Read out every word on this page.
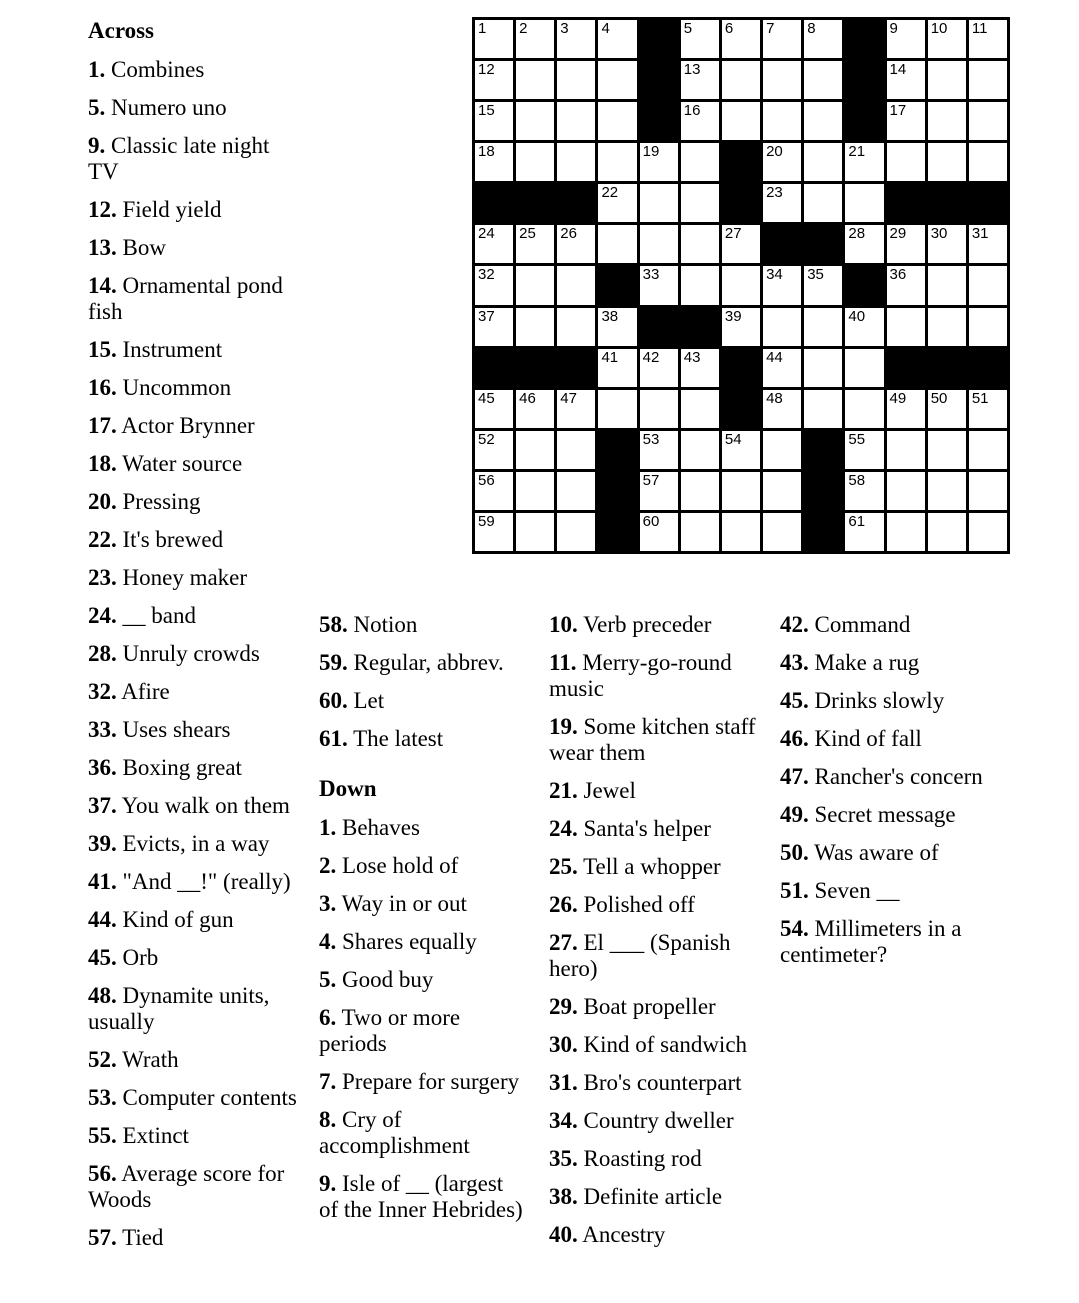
1 2 3 4	5 6 7 8	9 10 11
12	13	14
15	16	17
18	19	20	21
22	23
24 25 26	27	28 29 30 31
32	33	34 35	36
37	38	39	40
41 42 43	44
45 46 47	48	49 50 51
52	53	54	55
56	57	58
59	60	61
Across

1. Combines

5. Numero uno

9. Classic late night TV

12. Field yield

13. Bow

14. Ornamental pond fish

15. Instrument

16. Uncommon

17. Actor Brynner

18. Water source

20. Pressing

22. It's brewed

23. Honey maker

24. __ band

28. Unruly crowds

32. Afire

33. Uses shears

36. Boxing great

37. You walk on them

39. Evicts, in a way

41. "And __!" (really)

44. Kind of gun

45. Orb

48. Dynamite units, usually

52. Wrath

53. Computer contents

55. Extinct

56. Average score for Woods

57. Tied

58. Notion

59. Regular, abbrev.

60. Let

61. The latest

Down

1. Behaves

2. Lose hold of

3. Way in or out

4. Shares equally

5. Good buy

6. Two or more periods

7. Prepare for surgery

8. Cry of accomplishment

9. Isle of __ (largest of the Inner Hebrides)

10. Verb preceder

11. Merry-go-round music

19. Some kitchen staff wear them

21. Jewel

24. Santa's helper

25. Tell a whopper

26. Polished off

27. El ___ (Spanish hero)

29. Boat propeller

30. Kind of sandwich

31. Bro's counterpart

34. Country dweller

35. Roasting rod

38. Definite article

40. Ancestry

42. Command

43. Make a rug

45. Drinks slowly

46. Kind of fall

47. Rancher's concern

49. Secret message

50. Was aware of

51. Seven __

54. Millimeters in a centimeter?
